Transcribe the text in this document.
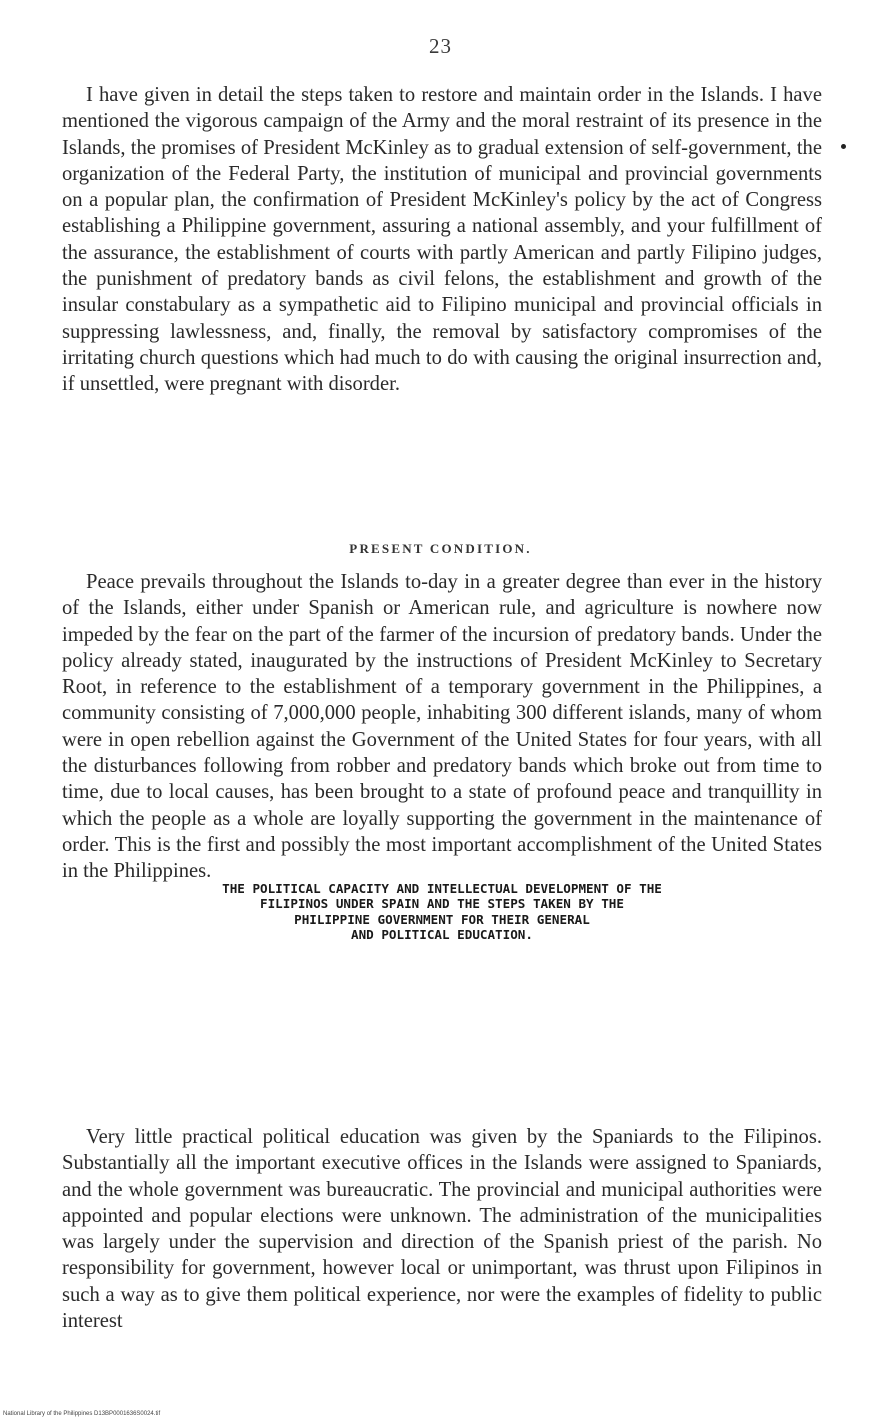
23

I have given in detail the steps taken to restore and maintain order in the Islands. I have mentioned the vigorous campaign of the Army and the moral restraint of its presence in the Islands, the promises of President McKinley as to gradual extension of self-government, the organization of the Federal Party, the institution of municipal and provincial governments on a popular plan, the confirmation of President McKinley's policy by the act of Congress establishing a Philippine government, assuring a national assembly, and your fulfillment of the assurance, the establishment of courts with partly American and partly Filipino judges, the punishment of predatory bands as civil felons, the establishment and growth of the insular constabulary as a sympathetic aid to Filipino municipal and provincial officials in suppressing lawlessness, and, finally, the removal by satisfactory compromises of the irritating church questions which had much to do with causing the original insurrection and, if unsettled, were pregnant with disorder.

PRESENT CONDITION.

Peace prevails throughout the Islands to-day in a greater degree than ever in the history of the Islands, either under Spanish or American rule, and agriculture is nowhere now impeded by the fear on the part of the farmer of the incursion of predatory bands. Under the policy already stated, inaugurated by the instructions of President McKinley to Secretary Root, in reference to the establishment of a temporary government in the Philippines, a community consisting of 7,000,000 people, inhabiting 300 different islands, many of whom were in open rebellion against the Government of the United States for four years, with all the disturbances following from robber and predatory bands which broke out from time to time, due to local causes, has been brought to a state of profound peace and tranquillity in which the people as a whole are loyally supporting the government in the maintenance of order. This is the first and possibly the most important accomplishment of the United States in the Philippines.

THE POLITICAL CAPACITY AND INTELLECTUAL DEVELOPMENT OF THE
FILIPINOS UNDER SPAIN AND THE STEPS TAKEN BY THE
PHILIPPINE GOVERNMENT FOR THEIR GENERAL
AND POLITICAL EDUCATION.

Very little practical political education was given by the Spaniards to the Filipinos. Substantially all the important executive offices in the Islands were assigned to Spaniards, and the whole government was bureaucratic. The provincial and municipal authorities were appointed and popular elections were unknown. The administration of the municipalities was largely under the supervision and direction of the Spanish priest of the parish. No responsibility for government, however local or unimportant, was thrust upon Filipinos in such a way as to give them political experience, nor were the examples of fidelity to public interest

National Library of the Philippines D13BP0001636S0024.tif
